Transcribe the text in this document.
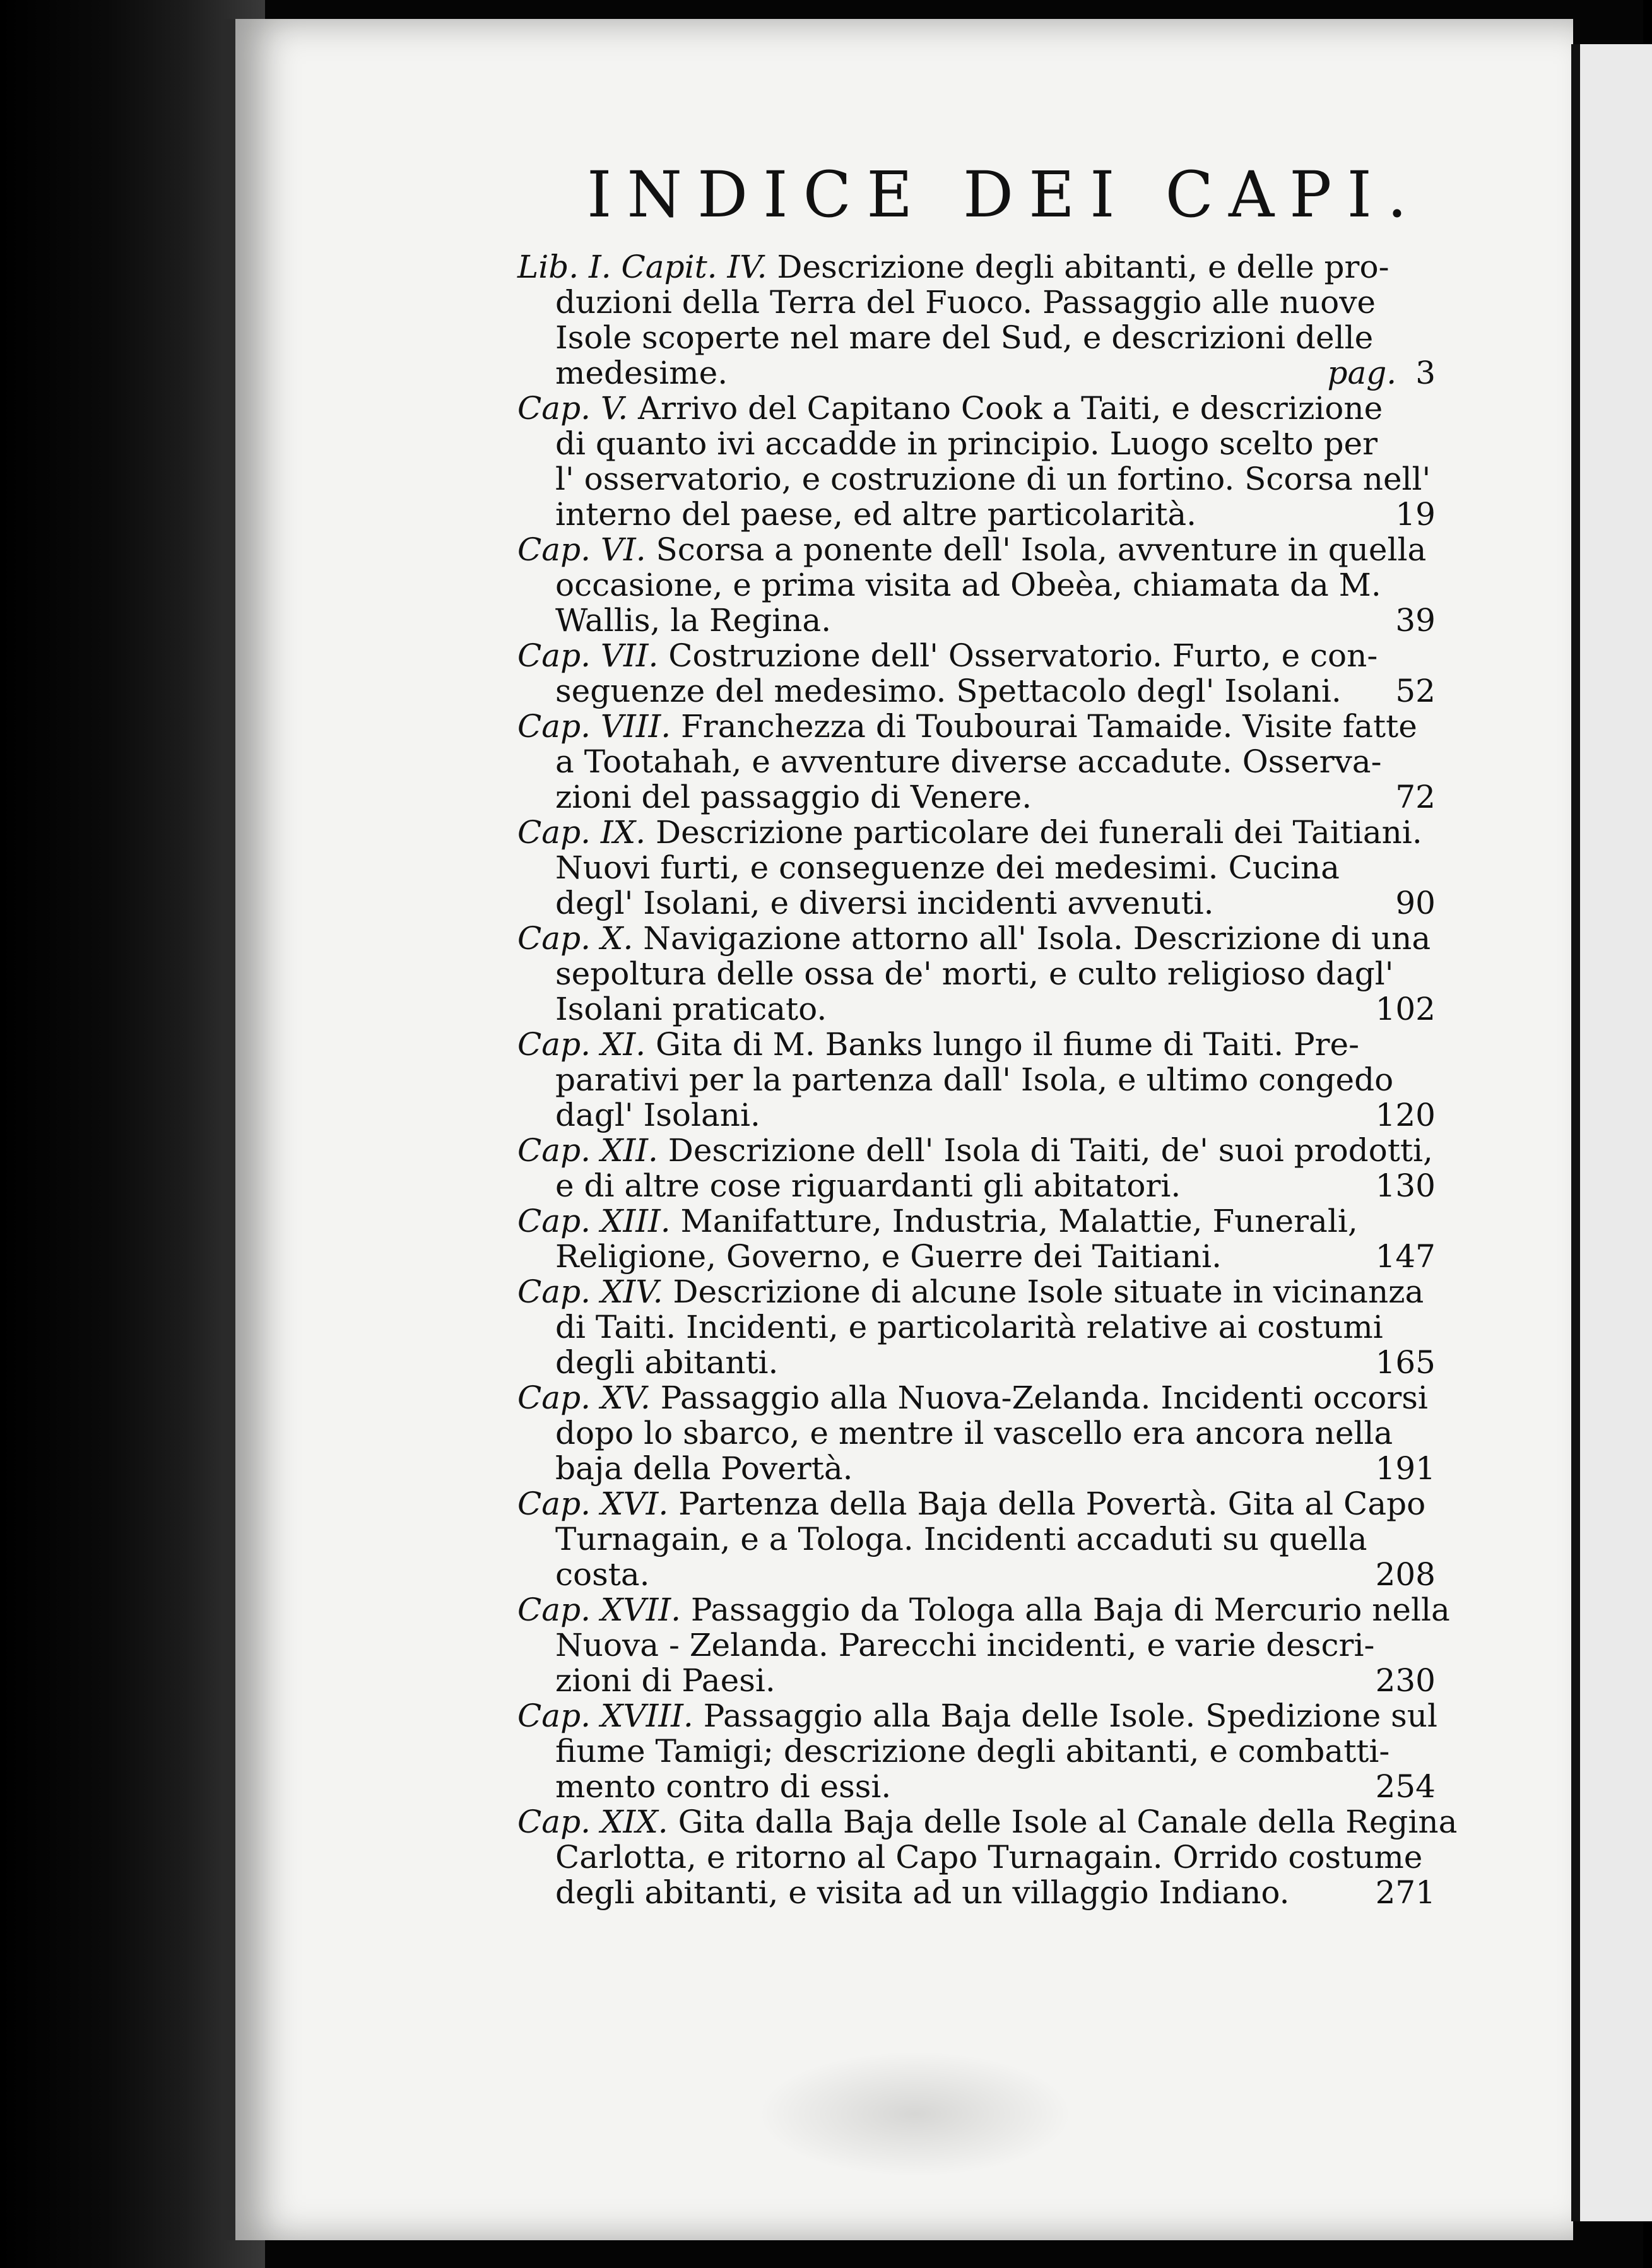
INDICE DEI CAPI.
Lib. I. Capit. IV. Descrizione degli abitanti, e delle pro-
duzioni della Terra del Fuoco. Passaggio alle nuove
Isole scoperte nel mare del Sud, e descrizioni delle
medesime.	pag. 3
Cap. V. Arrivo del Capitano Cook a Taiti, e descrizione
di quanto ivi accadde in principio. Luogo scelto per
l' osservatorio, e costruzione di un fortino. Scorsa nell'
interno del paese, ed altre particolarità.	19
Cap. VI. Scorsa a ponente dell' Isola, avventure in quella
occasione, e prima visita ad Obeèa, chiamata da M.
Wallis, la Regina.	39
Cap. VII. Costruzione dell' Osservatorio. Furto, e con-
seguenze del medesimo. Spettacolo degl' Isolani.	52
Cap. VIII. Franchezza di Toubourai Tamaide. Visite fatte
a Tootahah, e avventure diverse accadute. Osserva-
zioni del passaggio di Venere.	72
Cap. IX. Descrizione particolare dei funerali dei Taitiani.
Nuovi furti, e conseguenze dei medesimi. Cucina
degl' Isolani, e diversi incidenti avvenuti.	90
Cap. X. Navigazione attorno all' Isola. Descrizione di una
sepoltura delle ossa de' morti, e culto religioso dagl'
Isolani praticato.	102
Cap. XI. Gita di M. Banks lungo il fiume di Taiti. Pre-
parativi per la partenza dall' Isola, e ultimo congedo
dagl' Isolani.	120
Cap. XII. Descrizione dell' Isola di Taiti, de' suoi prodotti,
e di altre cose riguardanti gli abitatori.	130
Cap. XIII. Manifatture, Industria, Malattie, Funerali,
Religione, Governo, e Guerre dei Taitiani.	147
Cap. XIV. Descrizione di alcune Isole situate in vicinanza
di Taiti. Incidenti, e particolarità relative ai costumi
degli abitanti.	165
Cap. XV. Passaggio alla Nuova-Zelanda. Incidenti occorsi
dopo lo sbarco, e mentre il vascello era ancora nella
baja della Povertà.	191
Cap. XVI. Partenza della Baja della Povertà. Gita al Capo
Turnagain, e a Tologa. Incidenti accaduti su quella
costa.	208
Cap. XVII. Passaggio da Tologa alla Baja di Mercurio nella
Nuova - Zelanda. Parecchi incidenti, e varie descri-
zioni di Paesi.	230
Cap. XVIII. Passaggio alla Baja delle Isole. Spedizione sul
fiume Tamigi; descrizione degli abitanti, e combatti-
mento contro di essi.	254
Cap. XIX. Gita dalla Baja delle Isole al Canale della Regina
Carlotta, e ritorno al Capo Turnagain. Orrido costume
degli abitanti, e visita ad un villaggio Indiano.	271
